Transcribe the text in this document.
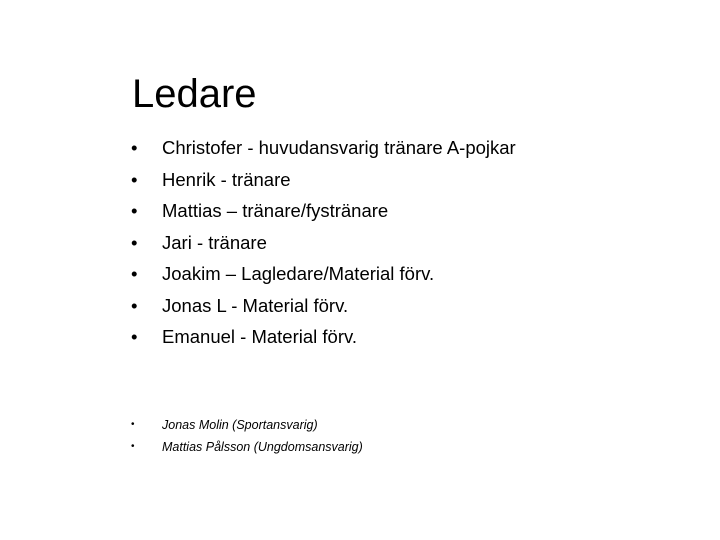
Ledare
• Christofer - huvudansvarig tränare A-pojkar
• Henrik - tränare
• Mattias – tränare/fystränare
• Jari - tränare
• Joakim – Lagledare/Material förv.
• Jonas L - Material förv.
• Emanuel - Material förv.
• Jonas Molin (Sportansvarig)
• Mattias Pålsson (Ungdomsansvarig)
